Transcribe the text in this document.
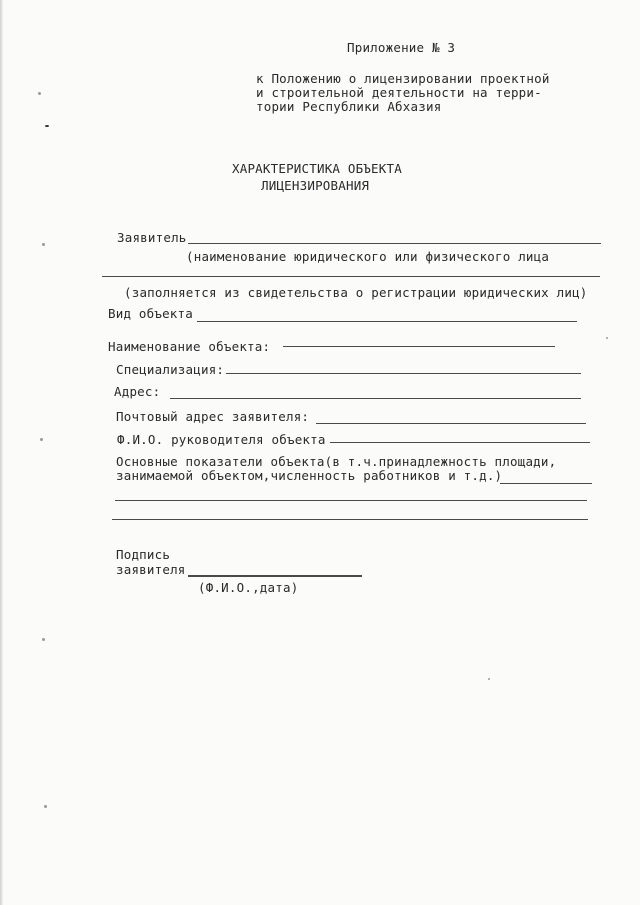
Приложение № 3
к Положению о лицензировании проектной
и строительной деятельности на терри-
тории Республики Абхазия
ХАРАКТЕРИСТИКА ОБЪЕКТА
ЛИЦЕНЗИРОВАНИЯ
Заявитель
(наименование юридического или физического лица
(заполняется из свидетельства о регистрации юридических лиц)
Вид объекта
Наименование объекта:
Специализация:
Адрес:
Почтовый адрес заявителя:
Ф.И.О. руководителя объекта
Основные показатели объекта(в т.ч.принадлежность площади,
занимаемой объектом,численность работников и т.д.)
Подпись
заявителя
(Ф.И.О.,дата)
